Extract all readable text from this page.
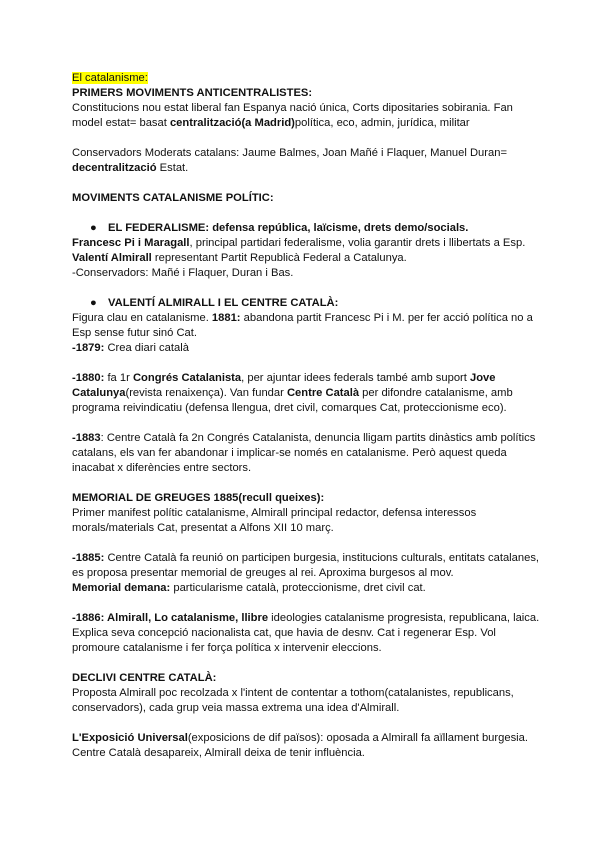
El catalanisme:

PRIMERS MOVIMENTS ANTICENTRALISTES:

Constitucions nou estat liberal fan Espanya nació única, Corts dipositaries sobirania. Fan model estat= basat centralització(a Madrid)política, eco, admin, jurídica, militar

Conservadors Moderats catalans: Jaume Balmes, Joan Mañé i Flaquer, Manuel Duran= decentralització Estat.

MOVIMENTS CATALANISME POLÍTIC:

● EL FEDERALISME: defensa república, laïcisme, drets demo/socials.

Francesc Pi i Maragall, principal partidari federalisme, volia garantir drets i llibertats a Esp.

Valentí Almirall representant Partit Republicà Federal a Catalunya.

-Conservadors: Mañé i Flaquer, Duran i Bas.

● VALENTÍ ALMIRALL I EL CENTRE CATALÀ:

Figura clau en catalanisme. 1881: abandona partit Francesc Pi i M. per fer acció política no a Esp sense futur sinó Cat.

-1879: Crea diari català

-1880: fa 1r Congrés Catalanista, per ajuntar idees federals també amb suport Jove Catalunya(revista renaixença). Van fundar Centre Català per difondre catalanisme, amb programa reivindicatiu (defensa llengua, dret civil, comarques Cat, proteccionisme eco).

-1883: Centre Català fa 2n Congrés Catalanista, denuncia lligam partits dinàstics amb polítics catalans, els van fer abandonar i implicar-se només en catalanisme. Però aquest queda inacabat x diferències entre sectors.

MEMORIAL DE GREUGES 1885(recull queixes):

Primer manifest polític catalanisme, Almirall principal redactor, defensa interessos morals/materials Cat, presentat a Alfons XII 10 març.

-1885: Centre Català fa reunió on participen burgesia, institucions culturals, entitats catalanes, es proposa presentar memorial de greuges al rei. Aproxima burgesos al mov.

Memorial demana: particularisme català, proteccionisme, dret civil cat.

-1886: Almirall, Lo catalanisme, llibre ideologies catalanisme progresista, republicana, laica. Explica seva concepció nacionalista cat, que havia de desnv. Cat i regenerar Esp. Vol promoure catalanisme i fer força política x intervenir eleccions.

DECLIVI CENTRE CATALÀ:

Proposta Almirall poc recolzada x l'intent de contentar a tothom(catalanistes, republicans, conservadors), cada grup veia massa extrema una idea d'Almirall.

L'Exposició Universal(exposicions de dif països): oposada a Almirall fa aïllament burgesia. Centre Català desapareix, Almirall deixa de tenir influència.
